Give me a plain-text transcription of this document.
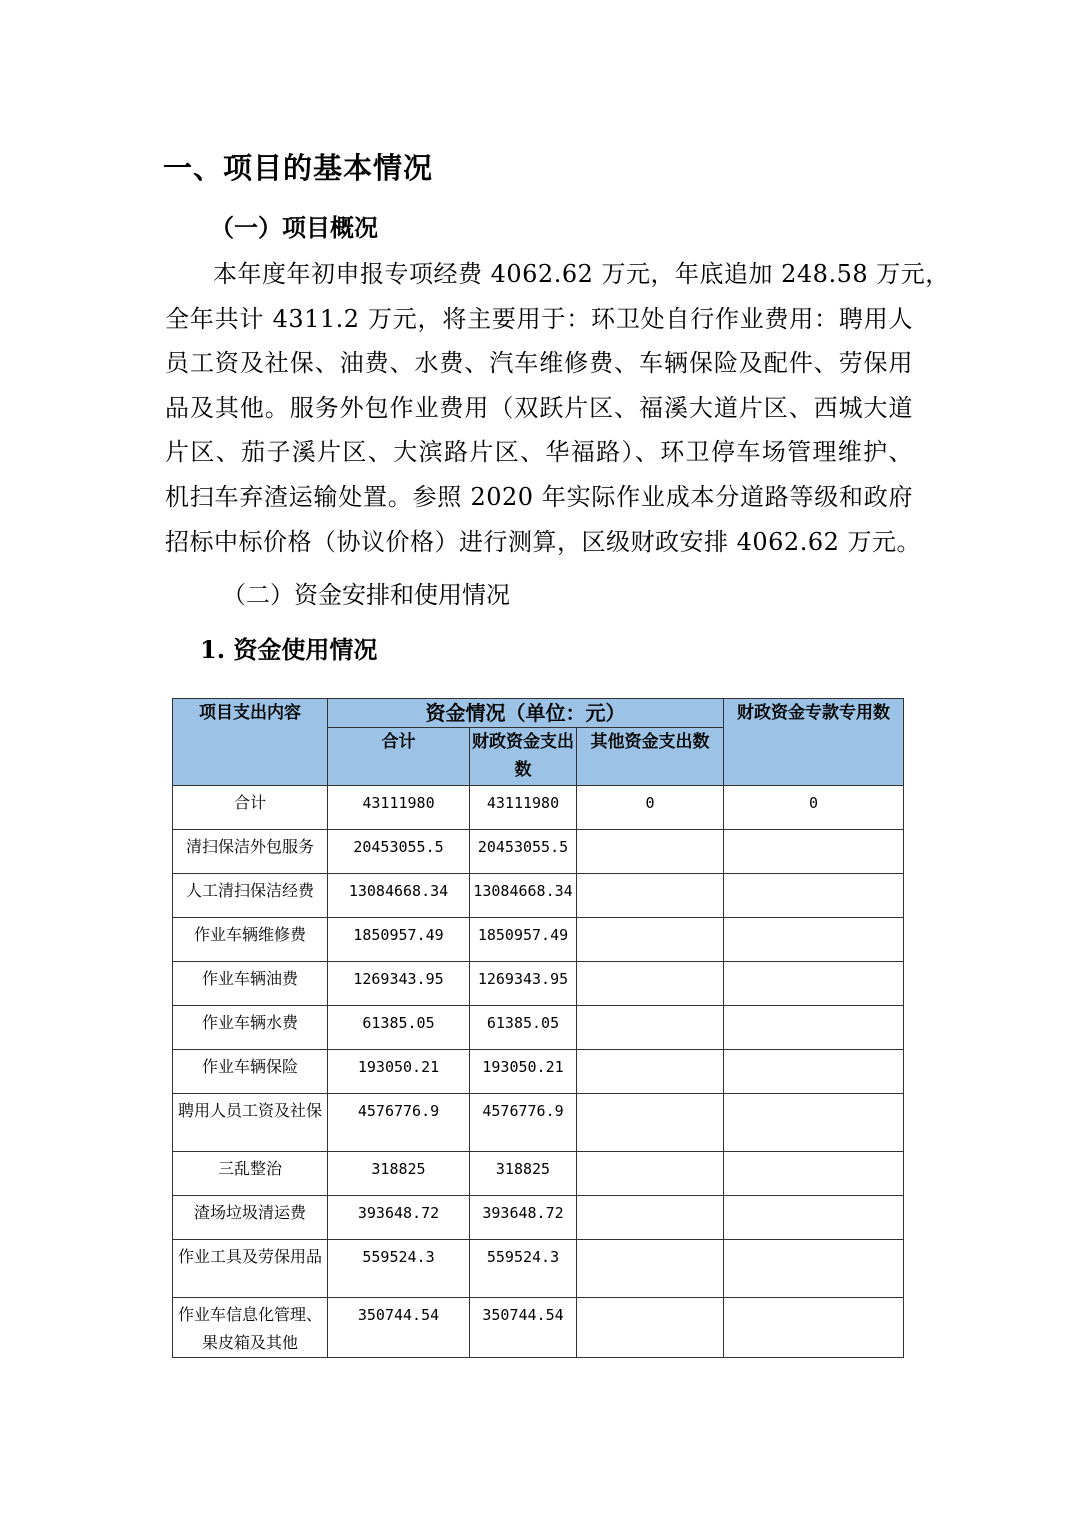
一、项目的基本情况
（一）项目概况
本年度年初申报专项经费 4062.62 万元，年底追加 248.58 万元，
全年共计 4311.2 万元，将主要用于：环卫处自行作业费用：聘用人
员工资及社保、油费、水费、汽车维修费、车辆保险及配件、劳保用
品及其他。服务外包作业费用（双跃片区、福溪大道片区、西城大道
片区、茄子溪片区、大滨路片区、华福路）、环卫停车场管理维护、
机扫车弃渣运输处置。参照 2020 年实际作业成本分道路等级和政府
招标中标价格（协议价格）进行测算，区级财政安排 4062.62 万元。
（二）资金安排和使用情况
1. 资金使用情况
项目支出内容	资金情况（单位：元）			财政资金专款专用数
	合计	财政资金支出数	其他资金支出数	
合计	43111980	43111980	0	0
清扫保洁外包服务	20453055.5	20453055.5		
人工清扫保洁经费	13084668.34	13084668.34		
作业车辆维修费	1850957.49	1850957.49		
作业车辆油费	1269343.95	1269343.95		
作业车辆水费	61385.05	61385.05		
作业车辆保险	193050.21	193050.21		
聘用人员工资及社保	4576776.9	4576776.9		
三乱整治	318825	318825		
渣场垃圾清运费	393648.72	393648.72		
作业工具及劳保用品	559524.3	559524.3		
作业车信息化管理、果皮箱及其他	350744.54	350744.54		
